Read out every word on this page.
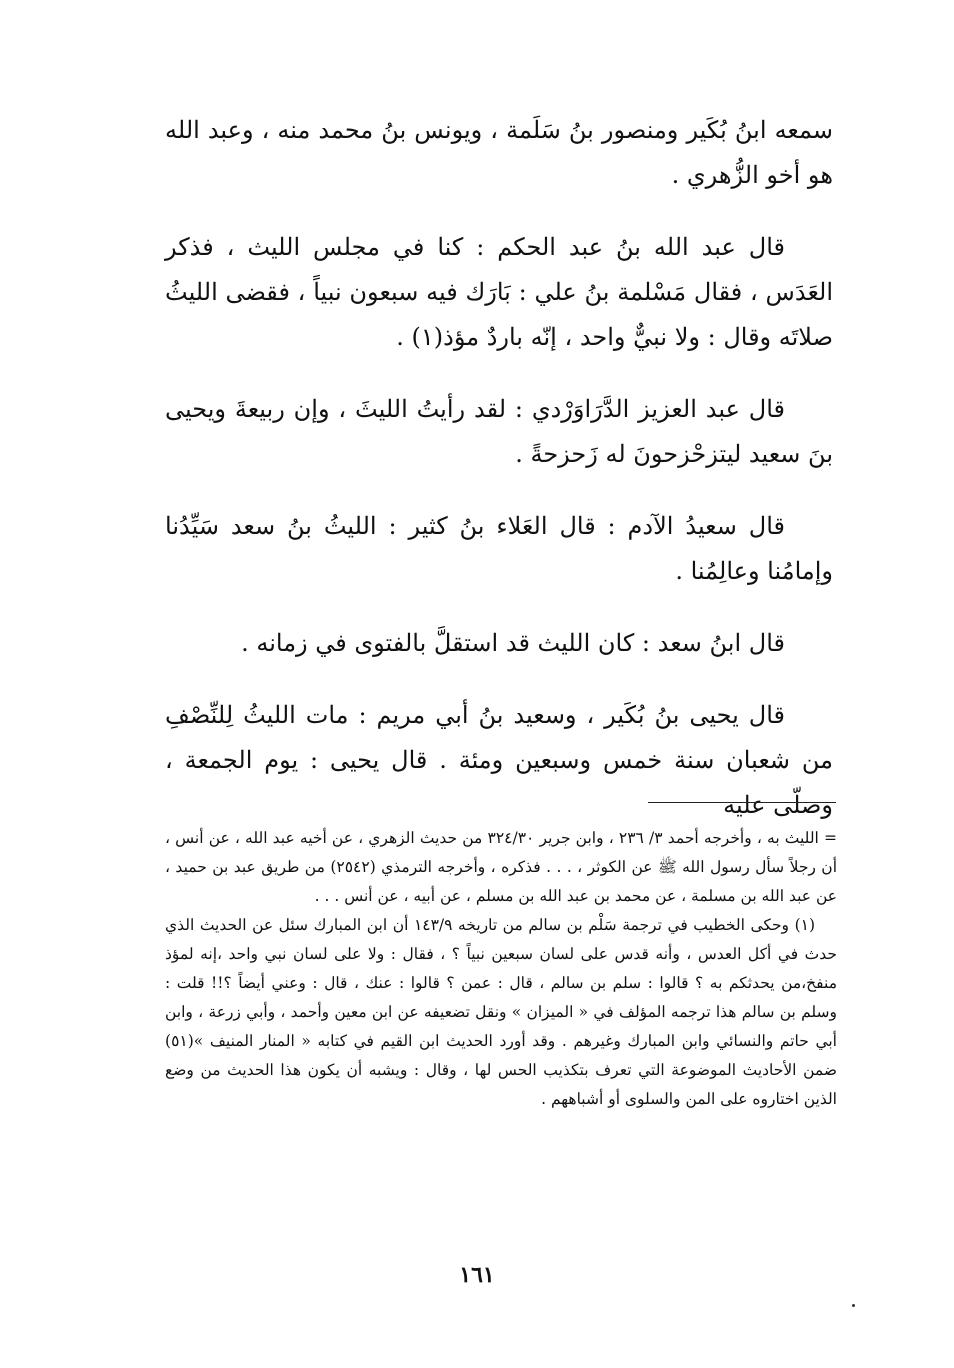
سمعه ابنُ بُكَير ومنصور بنُ سَلَمة ، ويونس بنُ محمد منه ، وعبد الله هو أخو الزُّهري .

قال عبد الله بنُ عبد الحكم : كنا في مجلس الليث ، فذكر العَدَس ، فقال مَسْلمة بنُ علي : بَارَك فيه سبعون نبياً ، فقضى الليثُ صلاتَه وقال : ولا نبيٌّ واحد ، إنّه باردٌ مؤذ(١) .

قال عبد العزيز الدَّرَاوَرْدي : لقد رأيتُ الليثَ ، وإن ربيعةَ ويحيى بنَ سعيد ليتزحْزحونَ له زَحزحةً .

قال سعيدُ الآدم : قال العَلاء بنُ كثير : الليثُ بنُ سعد سَيِّدُنا وإمامُنا وعالِمُنا .

قال ابنُ سعد : كان الليث قد استقلَّ بالفتوى في زمانه .

قال يحيى بنُ بُكَير ، وسعيد بنُ أبي مريم : مات الليثُ لِلنِّصْفِ من شعبان سنة خمس وسبعين ومئة . قال يحيى : يوم الجمعة ، وصلّى عليه

= الليث به ، وأخرجه أحمد ٣/ ٢٣٦ ، وابن جرير ٣٢٤/٣٠ من حديث الزهري ، عن أخيه عبد الله ، عن أنس ، أن رجلاً سأل رسول الله ﷺ عن الكوثر ، . . . فذكره ، وأخرجه الترمذي (٢٥٤٢) من طريق عبد بن حميد ، عن عبد الله بن مسلمة ، عن محمد بن عبد الله بن مسلم ، عن أبيه ، عن أنس . . .

(١) وحكى الخطيب في ترجمة سَلْم بن سالم من تاريخه ١٤٣/٩ أن ابن المبارك سئل عن الحديث الذي حدث في أكل العدس ، وأنه قدس على لسان سبعين نبياً ؟ ، فقال : ولا على لسان نبي واحد ،إنه لمؤذ منفخ،من يحدثكم به ؟ قالوا : سلم بن سالم ، قال : عمن ؟ قالوا : عنك ، قال : وعني أيضاً ؟!! قلت : وسلم بن سالم هذا ترجمه المؤلف في « الميزان » ونقل تضعيفه عن ابن معين وأحمد ، وأبي زرعة ، وابن أبي حاتم والنسائي وابن المبارك وغيرهم . وقد أورد الحديث ابن القيم في كتابه « المنار المنيف »(٥١) ضمن الأحاديث الموضوعة التي تعرف بتكذيب الحس لها ، وقال : ويشبه أن يكون هذا الحديث من وضع الذين اختاروه على المن والسلوى أو أشباههم .

١٦١
